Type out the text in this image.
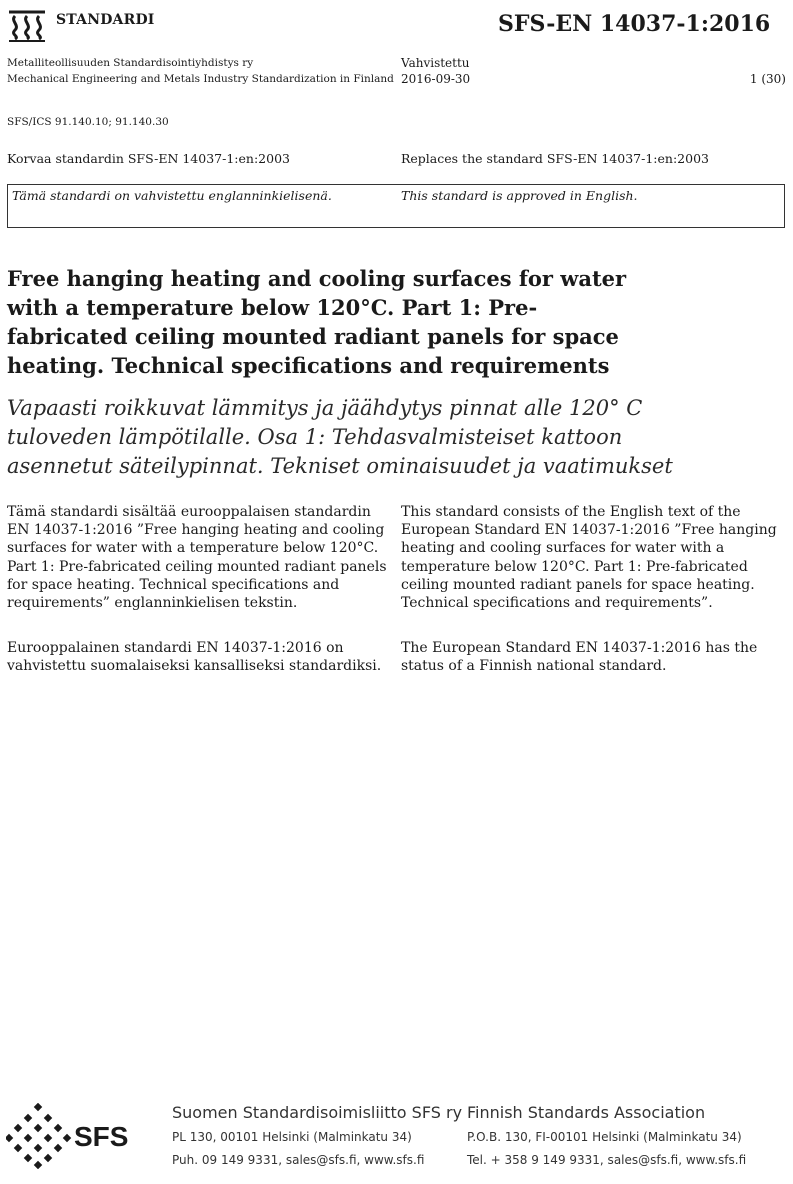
STANDARDI	SFS-EN 14037-1:2016
Metalliteollisuuden Standardisointiyhdistys ry
Mechanical Engineering and Metals Industry Standardization in Finland
Vahvistettu
2016-09-30	1 (30)
SFS/ICS 91.140.10; 91.140.30
Korvaa standardin SFS-EN 14037-1:en:2003	Replaces the standard SFS-EN 14037-1:en:2003
Tämä standardi on vahvistettu englanninkielisenä.	This standard is approved in English.
Free hanging heating and cooling surfaces for water with a temperature below 120°C. Part 1: Pre-fabricated ceiling mounted radiant panels for space heating. Technical specifications and requirements
Vapaasti roikkuvat lämmitys ja jäähdytys pinnat alle 120° C tuloveden lämpötilalle. Osa 1: Tehdasvalmisteiset kattoon asennetut säteilypinnat. Tekniset ominaisuudet ja vaatimukset
Tämä standardi sisältää eurooppalaisen standardin EN 14037-1:2016 ”Free hanging heating and cooling surfaces for water with a temperature below 120°C. Part 1: Pre-fabricated ceiling mounted radiant panels for space heating. Technical specifications and requirements” englanninkielisen tekstin.
This standard consists of the English text of the European Standard EN 14037-1:2016 ”Free hanging heating and cooling surfaces for water with a temperature below 120°C. Part 1: Pre-fabricated ceiling mounted radiant panels for space heating. Technical specifications and requirements”.
Eurooppalainen standardi EN 14037-1:2016 on vahvistettu suomalaiseksi kansalliseksi standardiksi.
The European Standard EN 14037-1:2016 has the status of a Finnish national standard.
SFS
Suomen Standardisoimisliitto SFS ry
PL 130, 00101 Helsinki (Malminkatu 34)
Puh. 09 149 9331, sales@sfs.fi, www.sfs.fi
Finnish Standards Association
P.O.B. 130, FI-00101 Helsinki (Malminkatu 34)
Tel. + 358 9 149 9331, sales@sfs.fi, www.sfs.fi
